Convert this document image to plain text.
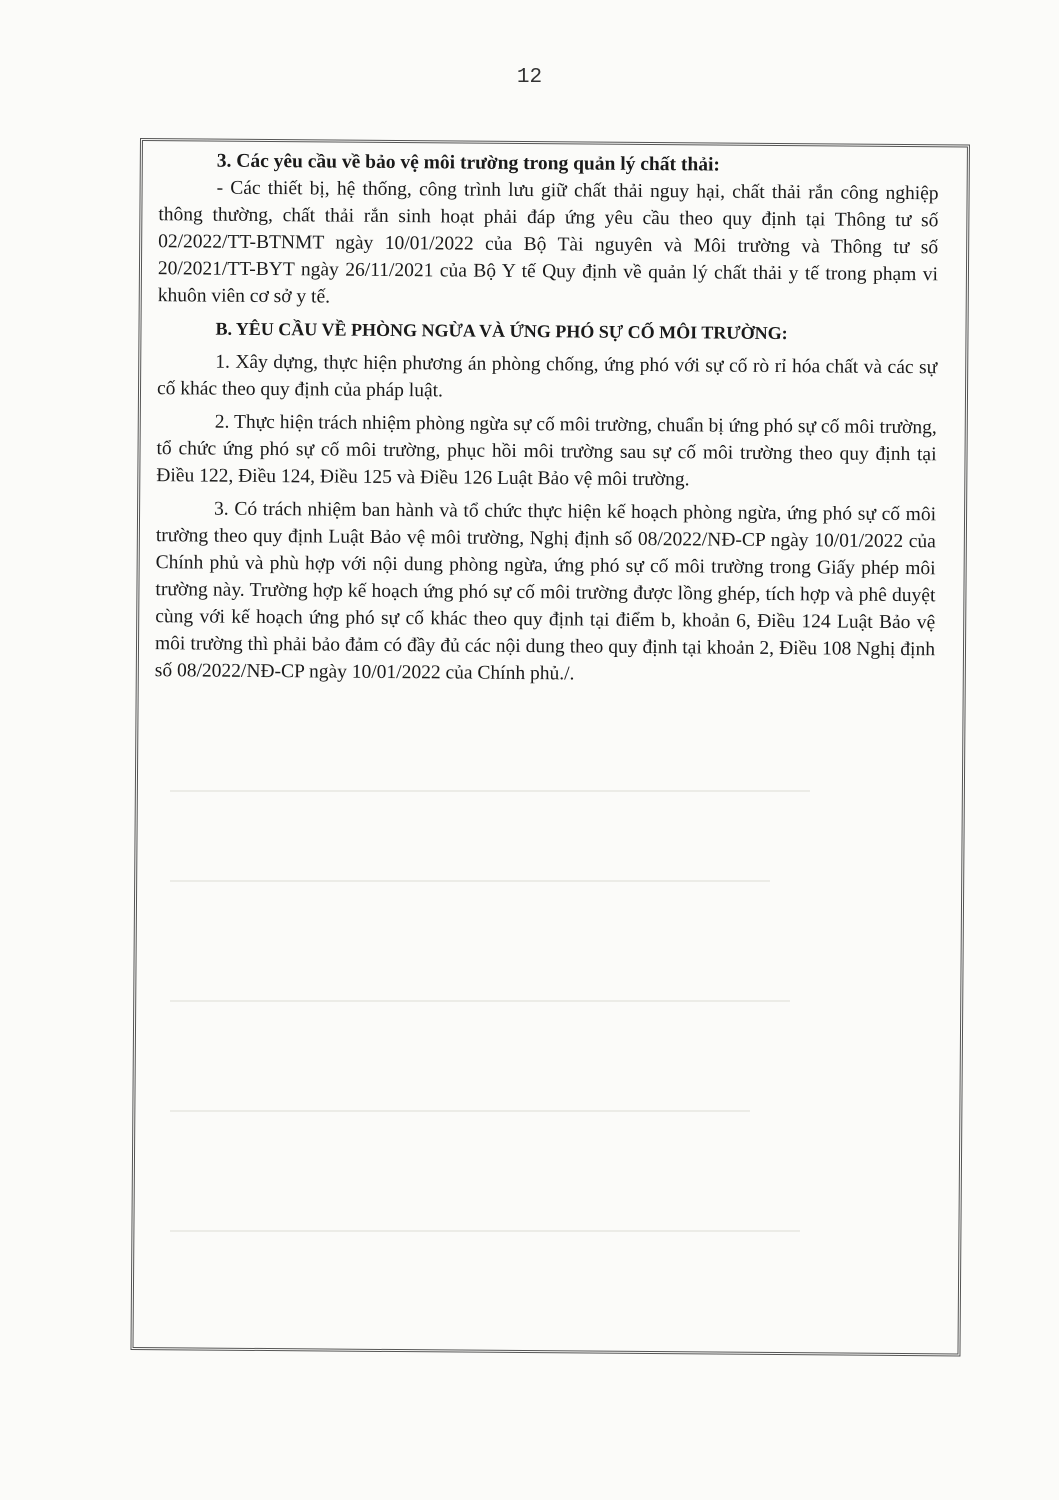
12

3. Các yêu cầu về bảo vệ môi trường trong quản lý chất thải:

- Các thiết bị, hệ thống, công trình lưu giữ chất thải nguy hại, chất thải rắn công nghiệp thông thường, chất thải rắn sinh hoạt phải đáp ứng yêu cầu theo quy định tại Thông tư số 02/2022/TT-BTNMT ngày 10/01/2022 của Bộ Tài nguyên và Môi trường và Thông tư số 20/2021/TT-BYT ngày 26/11/2021 của Bộ Y tế Quy định về quản lý chất thải y tế trong phạm vi khuôn viên cơ sở y tế.

B. YÊU CẦU VỀ PHÒNG NGỪA VÀ ỨNG PHÓ SỰ CỐ MÔI TRƯỜNG:

1. Xây dựng, thực hiện phương án phòng chống, ứng phó với sự cố rò rỉ hóa chất và các sự cố khác theo quy định của pháp luật.

2. Thực hiện trách nhiệm phòng ngừa sự cố môi trường, chuẩn bị ứng phó sự cố môi trường, tổ chức ứng phó sự cố môi trường, phục hồi môi trường sau sự cố môi trường theo quy định tại Điều 122, Điều 124, Điều 125 và Điều 126 Luật Bảo vệ môi trường.

3. Có trách nhiệm ban hành và tổ chức thực hiện kế hoạch phòng ngừa, ứng phó sự cố môi trường theo quy định Luật Bảo vệ môi trường, Nghị định số 08/2022/NĐ-CP ngày 10/01/2022 của Chính phủ và phù hợp với nội dung phòng ngừa, ứng phó sự cố môi trường trong Giấy phép môi trường này. Trường hợp kế hoạch ứng phó sự cố môi trường được lồng ghép, tích hợp và phê duyệt cùng với kế hoạch ứng phó sự cố khác theo quy định tại điểm b, khoản 6, Điều 124 Luật Bảo vệ môi trường thì phải bảo đảm có đầy đủ các nội dung theo quy định tại khoản 2, Điều 108 Nghị định số 08/2022/NĐ-CP ngày 10/01/2022 của Chính phủ./.
